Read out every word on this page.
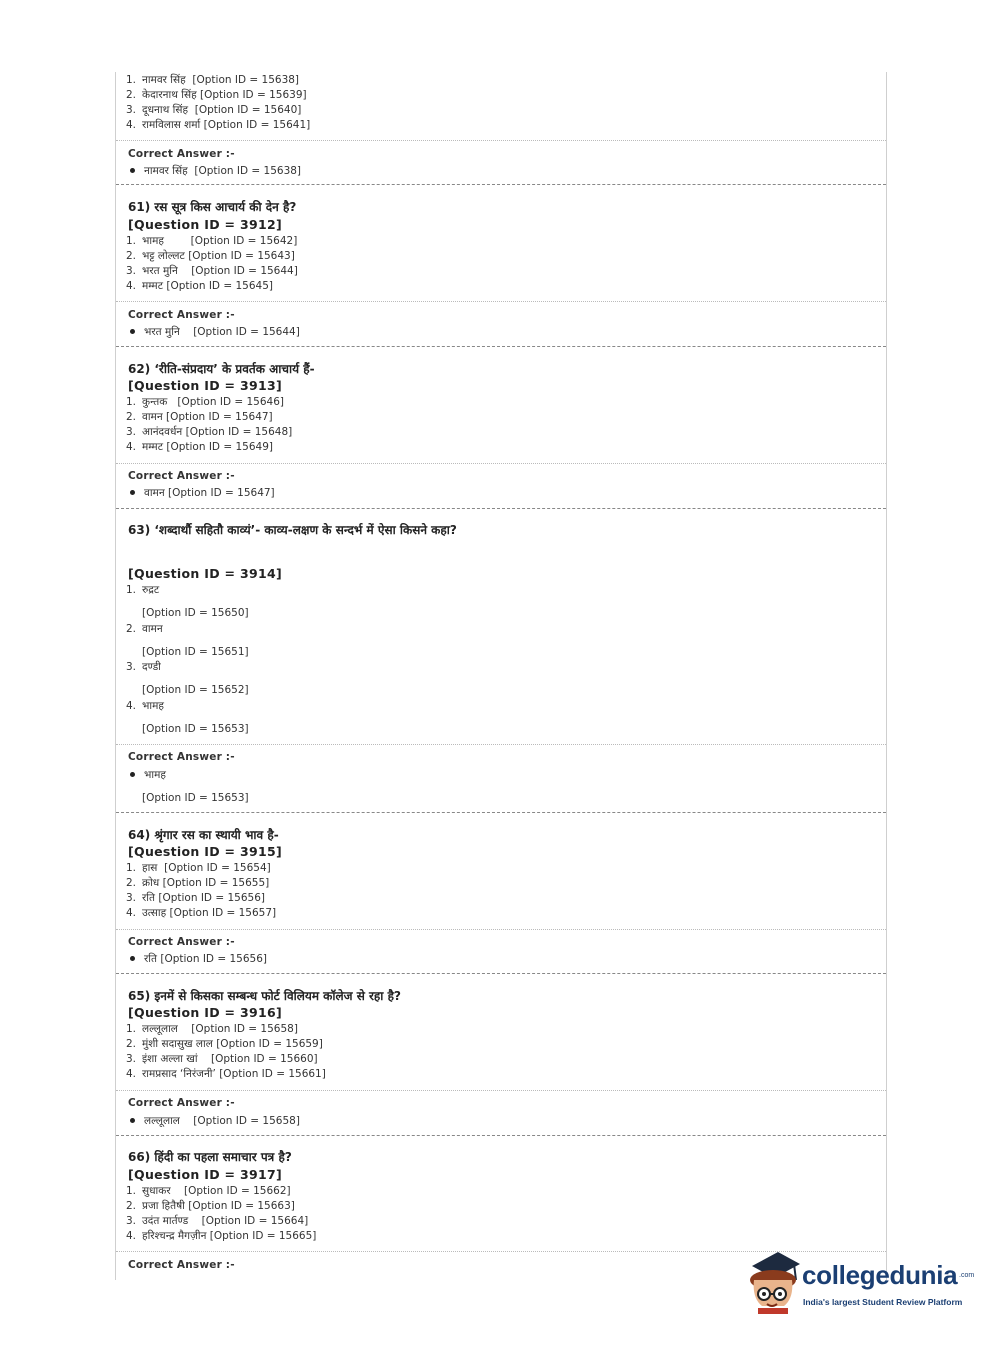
1. नामवर सिंह [Option ID = 15638]
2. केदारनाथ सिंह [Option ID = 15639]
3. दूधनाथ सिंह [Option ID = 15640]
4. रामविलास शर्मा [Option ID = 15641]
Correct Answer :-
नामवर सिंह [Option ID = 15638]
61) रस सूत्र किस आचार्य की देन है?
[Question ID = 3912]
1. भामह	[Option ID = 15642]
2. भट्ट लोल्लट [Option ID = 15643]
3. भरत मुनि [Option ID = 15644]
4. मम्मट [Option ID = 15645]
Correct Answer :-
भरत मुनि [Option ID = 15644]
62) ‘रीति-संप्रदाय’ के प्रवर्तक आचार्य हैं-
[Question ID = 3913]
1. कुन्तक [Option ID = 15646]
2. वामन [Option ID = 15647]
3. आनंदवर्धन [Option ID = 15648]
4. मम्मट [Option ID = 15649]
Correct Answer :-
वामन [Option ID = 15647]
63) ‘शब्दार्थौ सहितौ काव्यं’- काव्य-लक्षण के सन्दर्भ में ऐसा किसने कहा?
[Question ID = 3914]
1. रुद्रट
[Option ID = 15650]
2. वामन
[Option ID = 15651]
3. दण्डी
[Option ID = 15652]
4. भामह
[Option ID = 15653]
Correct Answer :-
भामह
[Option ID = 15653]
64) श्रृंगार रस का स्थायी भाव है-
[Question ID = 3915]
1. हास [Option ID = 15654]
2. क्रोध [Option ID = 15655]
3. रति [Option ID = 15656]
4. उत्साह [Option ID = 15657]
Correct Answer :-
रति [Option ID = 15656]
65) इनमें से किसका सम्बन्ध फोर्ट विलियम कॉलेज से रहा है?
[Question ID = 3916]
1. लल्लूलाल [Option ID = 15658]
2. मुंशी सदासुख लाल [Option ID = 15659]
3. इंशा अल्ला खां [Option ID = 15660]
4. रामप्रसाद ‘निरंजनी’ [Option ID = 15661]
Correct Answer :-
लल्लूलाल [Option ID = 15658]
66) हिंदी का पहला समाचार पत्र है?
[Question ID = 3917]
1. सुधाकर [Option ID = 15662]
2. प्रजा हितैषी [Option ID = 15663]
3. उदंत मार्तण्ड [Option ID = 15664]
4. हरिश्चन्द्र मैगज़ीन [Option ID = 15665]
Correct Answer :-	collegedunia .com
India's largest Student Review Platform
